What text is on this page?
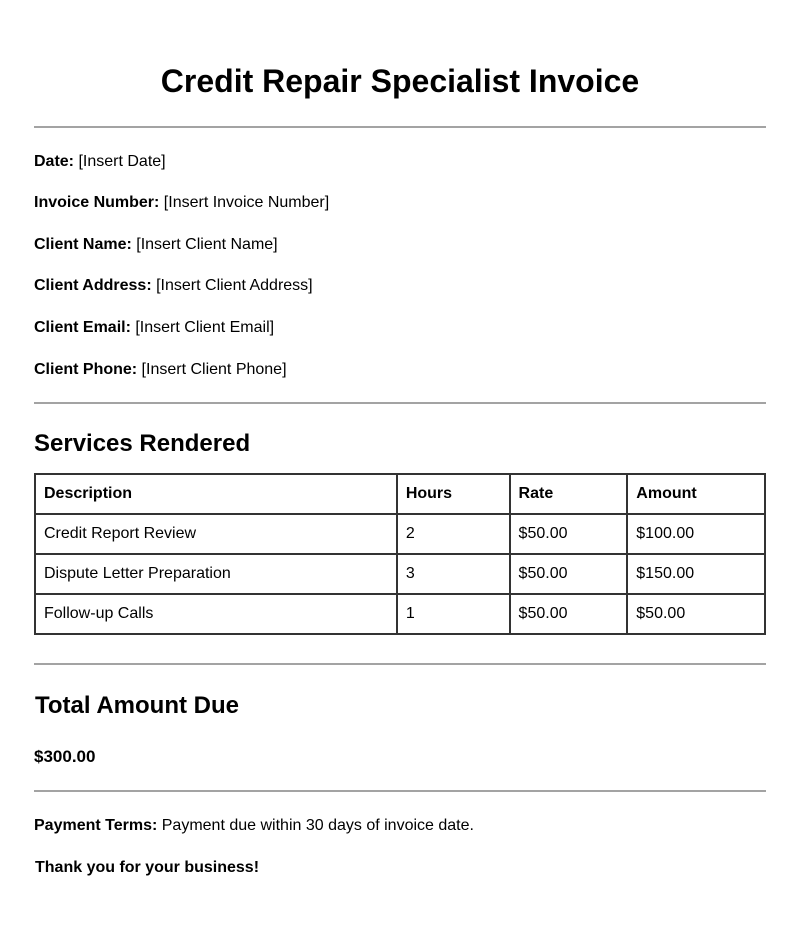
Credit Repair Specialist Invoice
Date: [Insert Date]
Invoice Number: [Insert Invoice Number]
Client Name: [Insert Client Name]
Client Address: [Insert Client Address]
Client Email: [Insert Client Email]
Client Phone: [Insert Client Phone]
Services Rendered
Description	Hours	Rate	Amount
Credit Report Review	2	$50.00	$100.00
Dispute Letter Preparation	3	$50.00	$150.00
Follow-up Calls	1	$50.00	$50.00
Total Amount Due
$300.00
Payment Terms: Payment due within 30 days of invoice date.
Thank you for your business!
